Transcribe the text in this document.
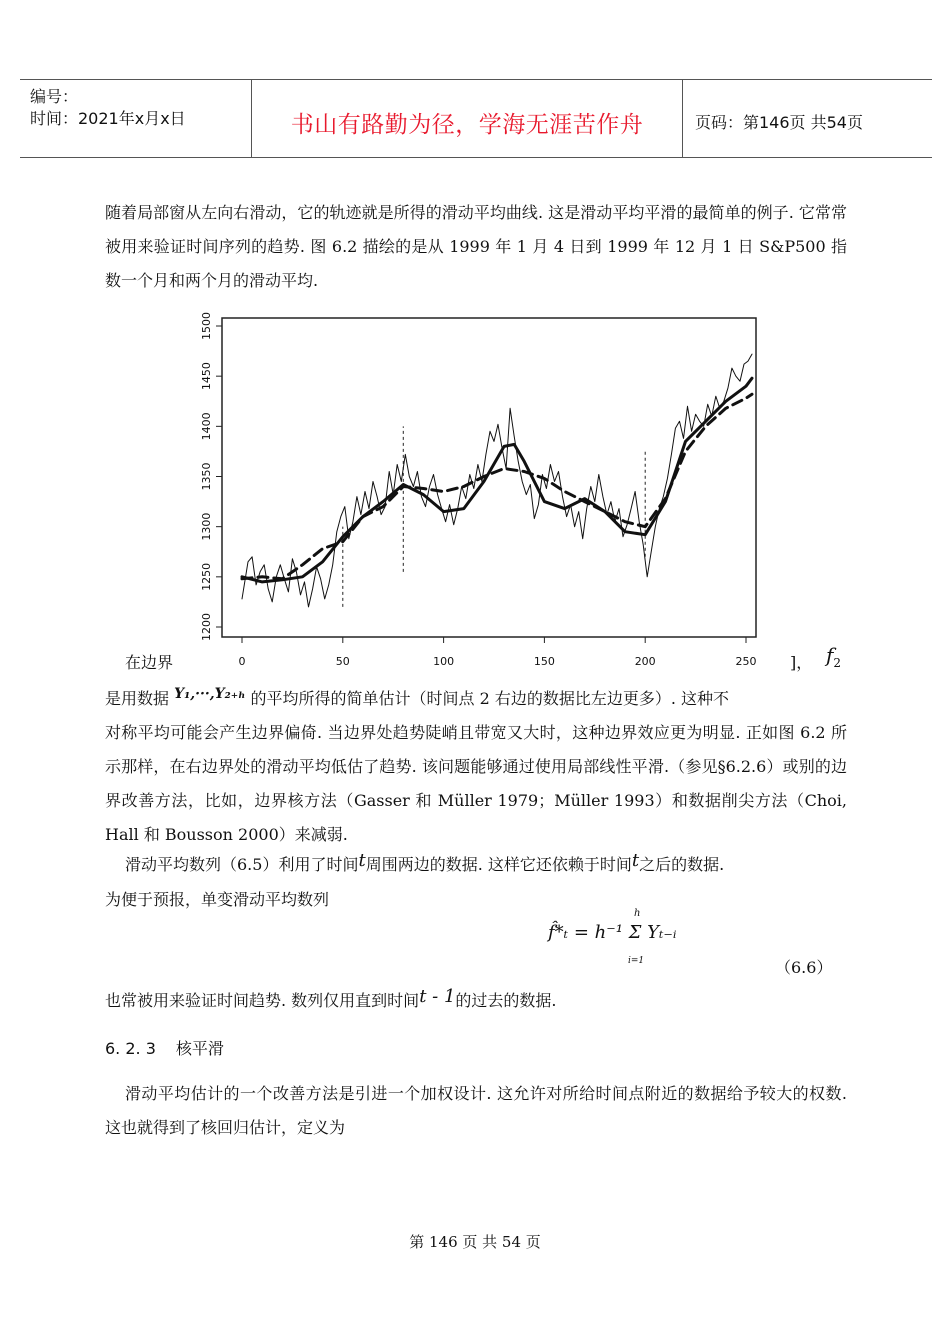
编号：
时间：2021年x月x日	书山有路勤为径，学海无涯苦作舟	页码：第146页 共54页
随着局部窗从左向右滑动，它的轨迹就是所得的滑动平均曲线. 这是滑动平均平滑的最简单的例子. 它常常被用来验证时间序列的趋势. 图 6.2 描绘的是从 1999 年 1 月 4 日到 1999 年 12 月 1 日 S&P500 指数一个月和两个月的滑动平均.
1200
1250
1300
1350
1400
1450
1500
0	50	100	150	200	250
在边界	]， $f_2$
是用数据 Y₁,···,Y₂₊ₕ 的平均所得的简单估计（时间点 2 右边的数据比左边更多）. 这种不
对称平均可能会产生边界偏倚. 当边界处趋势陡峭且带宽又大时，这种边界效应更为明显. 正如图 6.2 所示那样，在右边界处的滑动平均低估了趋势. 该问题能够通过使用局部线性平滑.（参见§6.2.6）或别的边界改善方法，比如，边界核方法（Gasser 和 Müller 1979；Müller 1993）和数据削尖方法（Choi, Hall 和 Bousson 2000）来减弱.
滑动平均数列（6.5）利用了时间t周围两边的数据. 这样它还依赖于时间t之后的数据.
为便于预报，单变滑动平均数列
h
f̂*ₜ = h⁻¹ Σ Yₜ₋ᵢ
i=1	（6.6）
也常被用来验证时间趋势. 数列仅用直到时间t - 1的过去的数据.
6. 2. 3 核平滑
滑动平均估计的一个改善方法是引进一个加权设计. 这允许对所给时间点附近的数据给予较大的权数. 这也就得到了核回归估计，定义为
第 146 页 共 54 页
